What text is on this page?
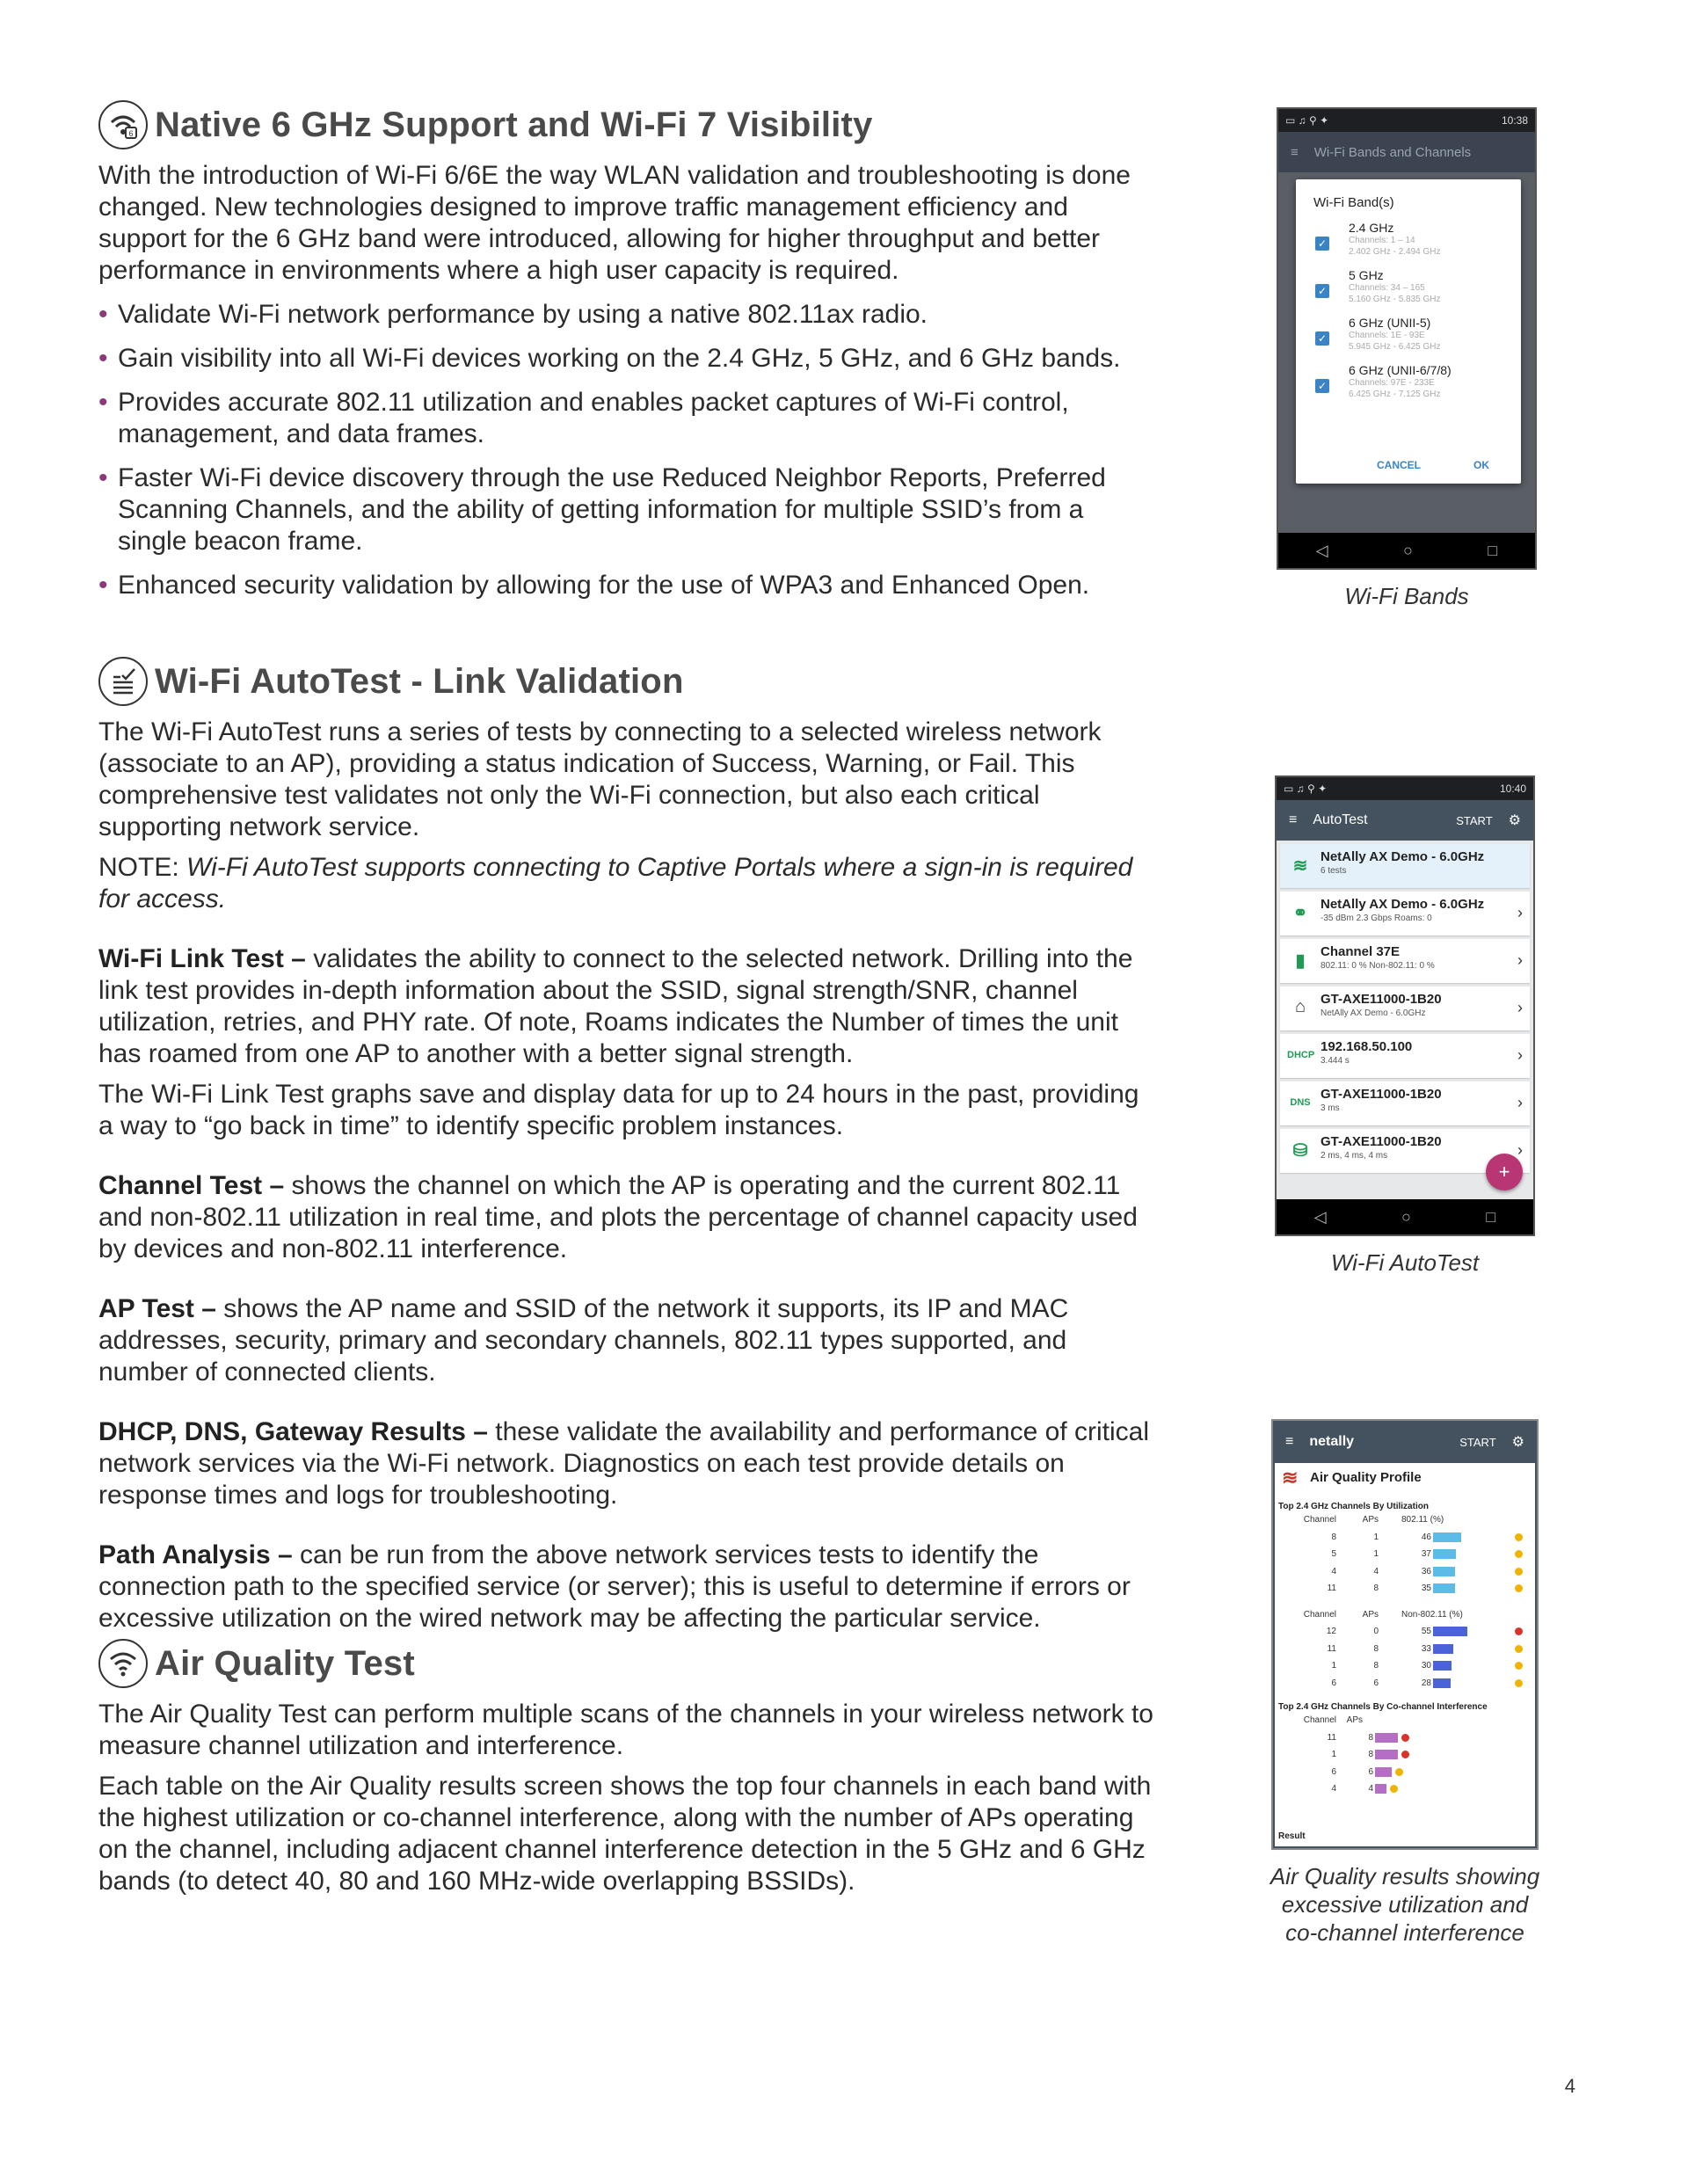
6 Native 6 GHz Support and Wi-Fi 7 Visibility

With the introduction of Wi-Fi 6/6E the way WLAN validation and troubleshooting is done changed. New technologies designed to improve traffic management efficiency and support for the 6 GHz band were introduced, allowing for higher throughput and better performance in environments where a high user capacity is required.

• Validate Wi-Fi network performance by using a native 802.11ax radio.
• Gain visibility into all Wi-Fi devices working on the 2.4 GHz, 5 GHz, and 6 GHz bands.
• Provides accurate 802.11 utilization and enables packet captures of Wi-Fi control, management, and data frames.
• Faster Wi-Fi device discovery through the use Reduced Neighbor Reports, Preferred Scanning Channels, and the ability of getting information for multiple SSID’s from a single beacon frame.
• Enhanced security validation by allowing for the use of WPA3 and Enhanced Open.
Wi-Fi AutoTest - Link Validation

The Wi-Fi AutoTest runs a series of tests by connecting to a selected wireless network (associate to an AP), providing a status indication of Success, Warning, or Fail. This comprehensive test validates not only the Wi-Fi connection, but also each critical supporting network service.

NOTE: Wi-Fi AutoTest supports connecting to Captive Portals where a sign-in is required for access.

Wi-Fi Link Test – validates the ability to connect to the selected network. Drilling into the link test provides in-depth information about the SSID, signal strength/SNR, channel utilization, retries, and PHY rate. Of note, Roams indicates the Number of times the unit has roamed from one AP to another with a better signal strength.

The Wi-Fi Link Test graphs save and display data for up to 24 hours in the past, providing a way to “go back in time” to identify specific problem instances.

Channel Test – shows the channel on which the AP is operating and the current 802.11 and non-802.11 utilization in real time, and plots the percentage of channel capacity used by devices and non-802.11 interference.

AP Test – shows the AP name and SSID of the network it supports, its IP and MAC addresses, security, primary and secondary channels, 802.11 types supported, and number of connected clients.

DHCP, DNS, Gateway Results – these validate the availability and performance of critical network services via the Wi-Fi network. Diagnostics on each test provide details on response times and logs for troubleshooting.

Path Analysis – can be run from the above network services tests to identify the connection path to the specified service (or server); this is useful to determine if errors or excessive utilization on the wired network may be affecting the particular service.

Air Quality Test

The Air Quality Test can perform multiple scans of the channels in your wireless network to measure channel utilization and interference.

Each table on the Air Quality results screen shows the top four channels in each band with the highest utilization or co-channel interference, along with the number of APs operating on the channel, including adjacent channel interference detection in the 5 GHz and 6 GHz bands (to detect 40, 80 and 160 MHz-wide overlapping BSSIDs).

▭ ♫ ⚲ ✦	10:38
≡ Wi-Fi Bands and Channels
Wi-Fi Band(s)
✓
2.4 GHz
Channels: 1 – 14
2.402 GHz - 2.494 GHz
✓
5 GHz
Channels: 34 – 165
5.160 GHz - 5.835 GHz
✓
6 GHz (UNII-5)
Channels: 1E - 93E
5.945 GHz - 6.425 GHz
✓
6 GHz (UNII-6/7/8)
Channels: 97E - 233E
6.425 GHz - 7.125 GHz
CANCEL	OK
◁	○	□
Wi-Fi Bands
▭ ♫ ⚲ ✦	10:40
≡ AutoTest	START ⚙
≋ NetAlly AX Demo - 6.0GHz
6 tests
⚭ NetAlly AX Demo - 6.0GHz
-35 dBm 2.3 Gbps Roams: 0	›
▮	Channel 37E
802.11: 0 % Non-802.11: 0 %	›
⌂	GT-AXE11000-1B20
NetAlly AX Demo - 6.0GHz	›
DHCP
192.168.50.100
3.444 s	›
DNS
GT-AXE11000-1B20
3 ms	›
⛁ GT-AXE11000-1B20
2 ms, 4 ms, 4 ms	›
+
◁	○	□
Wi-Fi AutoTest
≡ netally	START ⚙
≋ Air Quality Profile
Top 2.4 GHz Channels By Utilization
Channel	APs	802.11 (%)
8	1	46
5	1	37
4	4	36
11	8	35
Channel	APs	Non-802.11 (%)
12	0	55
11	8	33
1	8	30
6	6	28
Top 2.4 GHz Channels By Co-channel Interference
Channel	APs
11	8
1	8
6	6
4	4
Result
Air Quality results showing
excessive utilization and
co-channel interference
4
